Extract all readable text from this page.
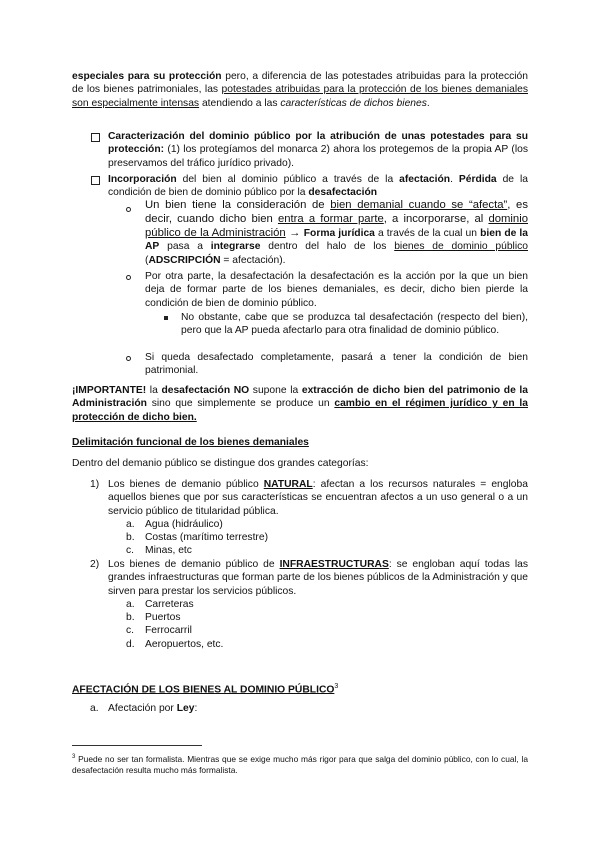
especiales para su protección pero, a diferencia de las potestades atribuidas para la protección de los bienes patrimoniales, las potestades atribuidas para la protección de los bienes demaniales son especialmente intensas atendiendo a las características de dichos bienes.
Caracterización del dominio público por la atribución de unas potestades para su protección: (1) los protegíamos del monarca 2) ahora los protegemos de la propia AP (los preservamos del tráfico jurídico privado).
Incorporación del bien al dominio público a través de la afectación. Pérdida de la condición de bien de dominio público por la desafectación
Un bien tiene la consideración de bien demanial cuando se “afecta”, es decir, cuando dicho bien entra a formar parte, a incorporarse, al dominio público de la Administración → Forma jurídica a través de la cual un bien de la AP pasa a integrarse dentro del halo de los bienes de dominio público (ADSCRIPCIÓN = afectación).
Por otra parte, la desafectación la desafectación es la acción por la que un bien deja de formar parte de los bienes demaniales, es decir, dicho bien pierde la condición de bien de dominio público.
No obstante, cabe que se produzca tal desafectación (respecto del bien), pero que la AP pueda afectarlo para otra finalidad de dominio público.
Si queda desafectado completamente, pasará a tener la condición de bien patrimonial.
¡IMPORTANTE! la desafectación NO supone la extracción de dicho bien del patrimonio de la Administración sino que simplemente se produce un cambio en el régimen jurídico y en la protección de dicho bien.
Delimitación funcional de los bienes demaniales
Dentro del demanio público se distingue dos grandes categorías:
1) Los bienes de demanio público NATURAL: afectan a los recursos naturales = engloba aquellos bienes que por sus características se encuentran afectos a un uso general o a un servicio público de titularidad pública.
a. Agua (hidráulico)
b. Costas (marítimo terrestre)
c. Minas, etc
2) Los bienes de demanio público de INFRAESTRUCTURAS: se engloban aquí todas las grandes infraestructuras que forman parte de los bienes públicos de la Administración y que sirven para prestar los servicios públicos.
a. Carreteras
b. Puertos
c. Ferrocarril
d. Aeropuertos, etc.
AFECTACIÓN DE LOS BIENES AL DOMINIO PÚBLICO$^3$
a. Afectación por Ley:
$^3$ Puede no ser tan formalista. Mientras que se exige mucho más rigor para que salga del dominio público, con lo cual, la desafectación resulta mucho más formalista.
